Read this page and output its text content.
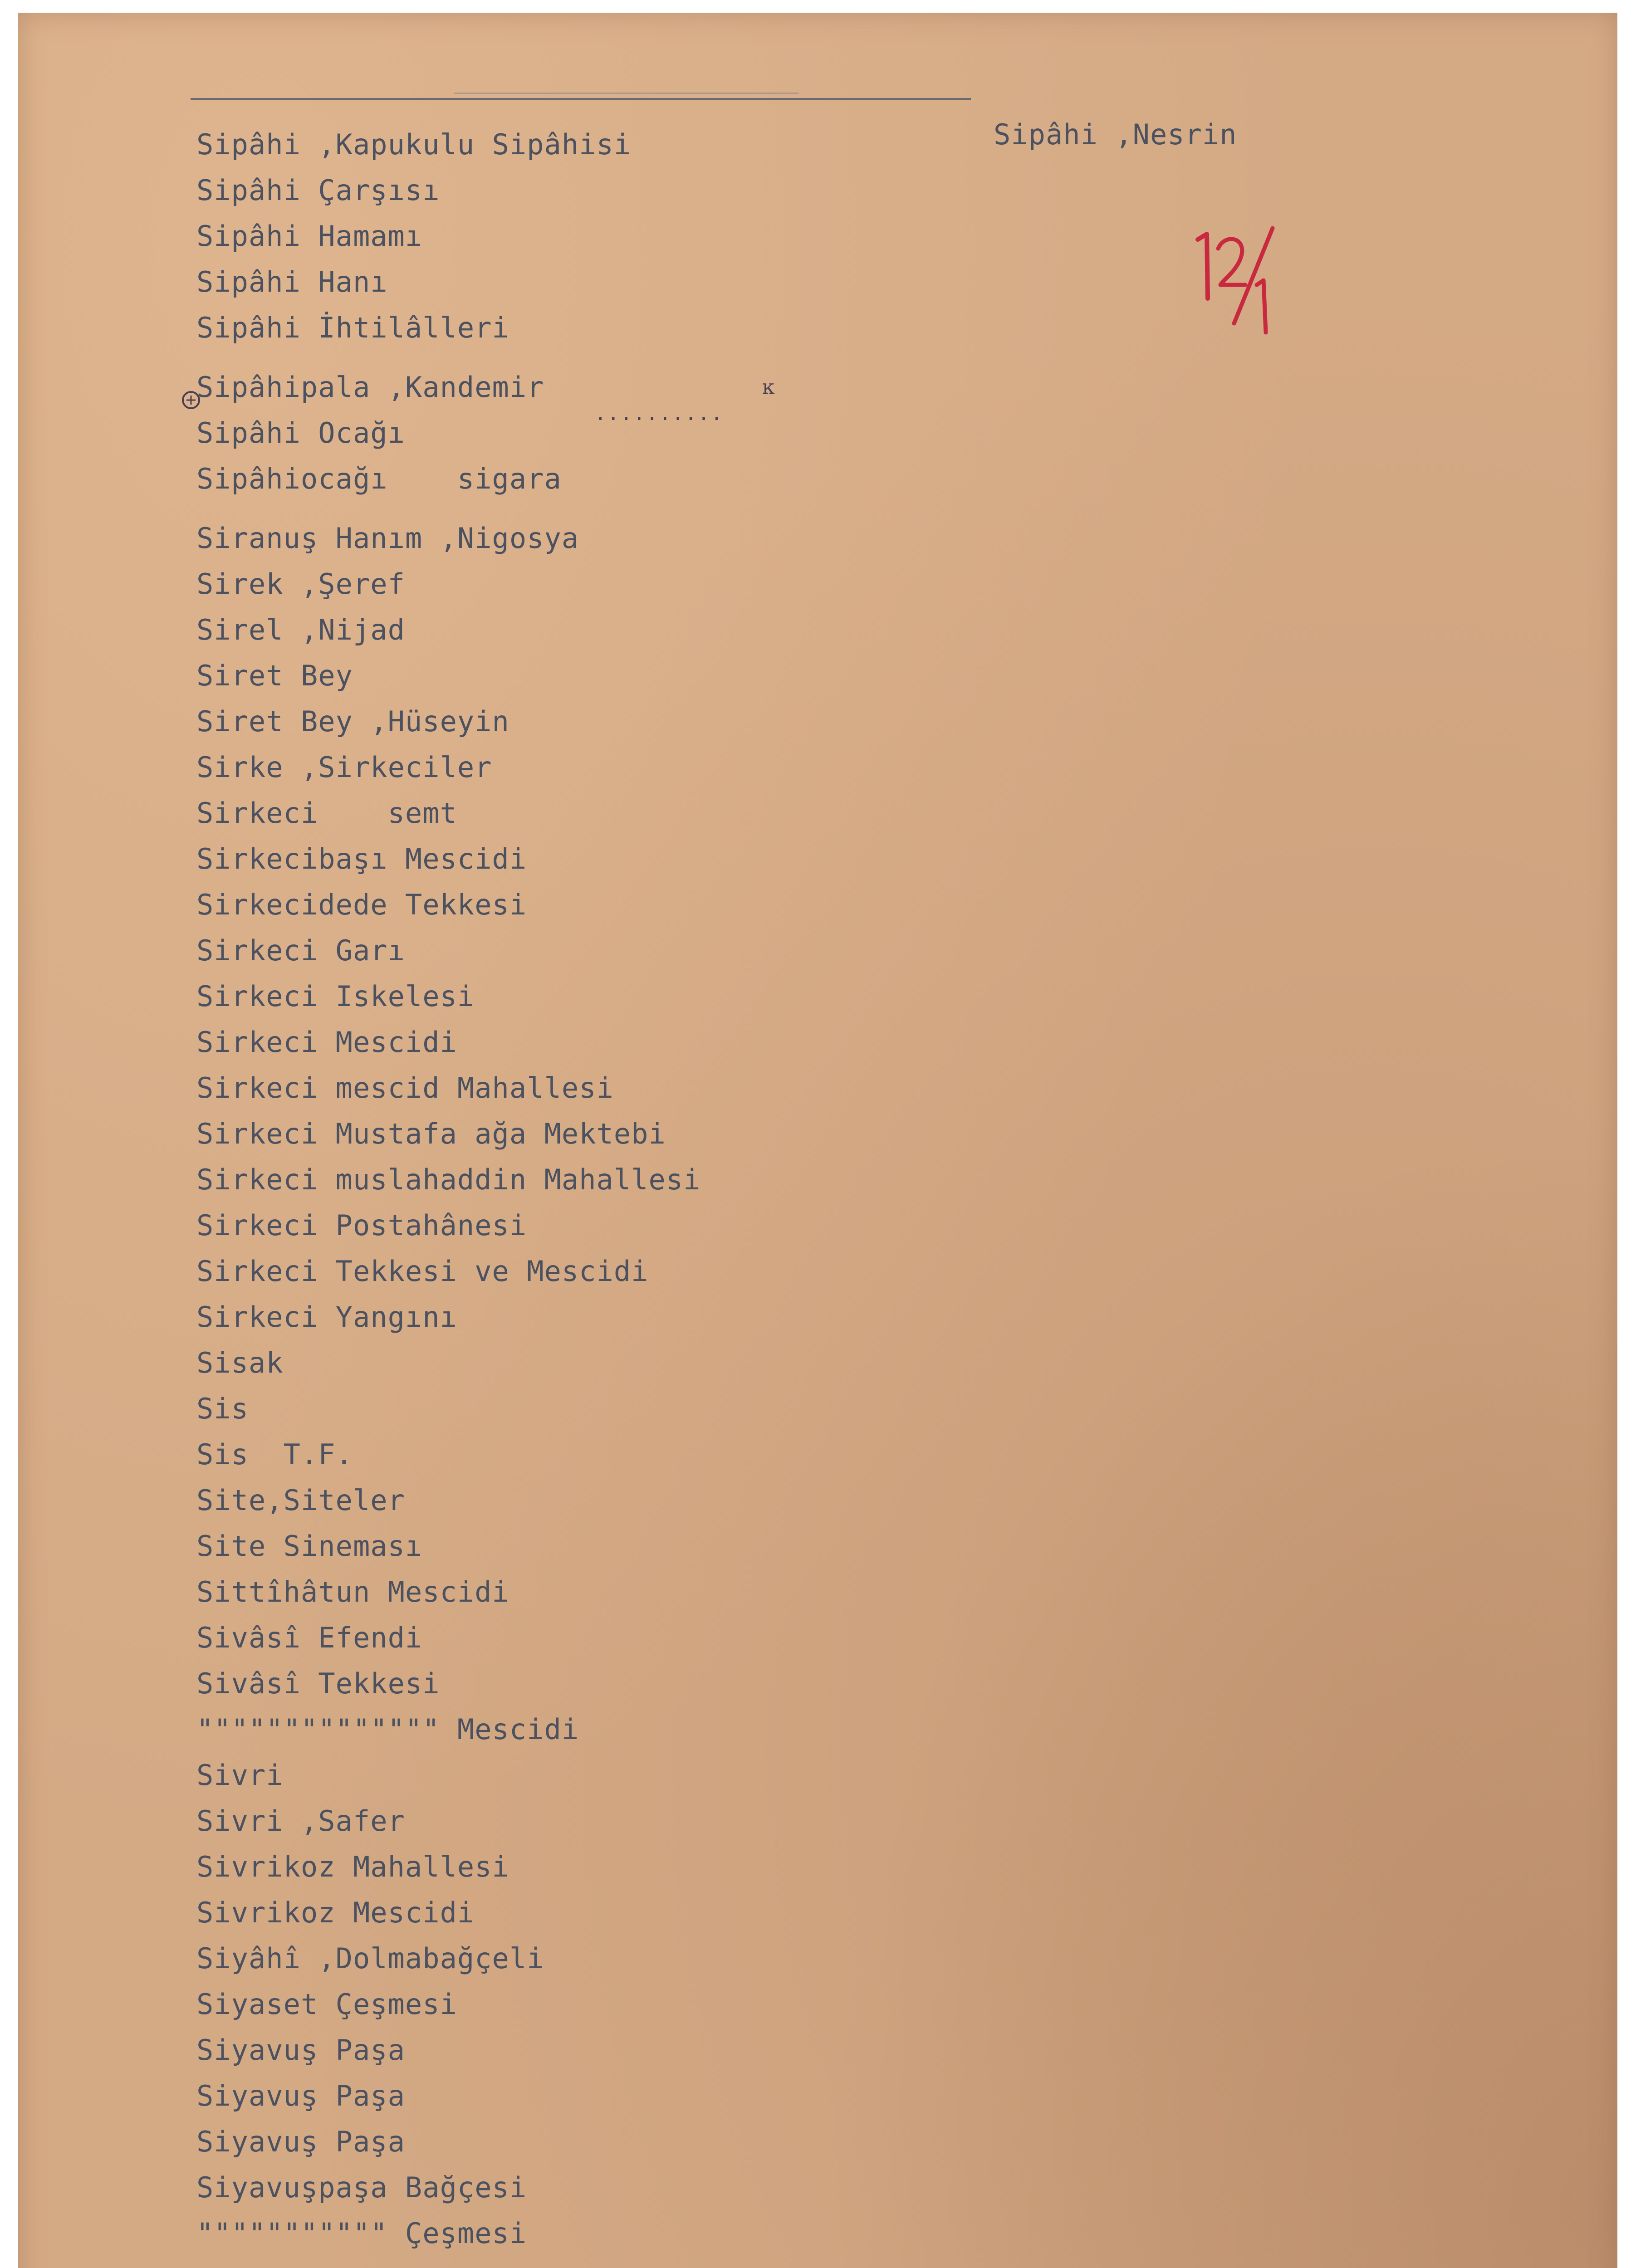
Sipâhi ,Nesrin
Sipâhi ,Kapukulu Sipâhisi
Sipâhi Çarşısı
Sipâhi Hamamı
Sipâhi Hanı
Sipâhi İhtilâlleri
Sipâhipala ,Kandemir
Sipâhi Ocağı
Sipâhiocağı    sigara
Siranuş Hanım ,Nigosya
Sirek ,Şeref
Sirel ,Nijad
Siret Bey
Siret Bey ,Hüseyin
Sirke ,Sirkeciler
Sirkeci    semt
Sirkecibaşı Mescidi
Sirkecidede Tekkesi
Sirkeci Garı
Sirkeci Iskelesi
Sirkeci Mescidi
Sirkeci mescid Mahallesi
Sirkeci Mustafa ağa Mektebi
Sirkeci muslahaddin Mahallesi
Sirkeci Postahânesi
Sirkeci Tekkesi ve Mescidi
Sirkeci Yangını
Sisak
Sis
Sis  T.F.
Site,Siteler
Site Sineması
Sittîhâtun Mescidi
Sivâsî Efendi
Sivâsî Tekkesi
"""""""""""""" Mescidi
Sivri
Sivri ,Safer
Sivrikoz Mahallesi
Sivrikoz Mescidi
Siyâhî ,Dolmabağçeli
Siyaset Çeşmesi
Siyavuş Paşa
Siyavuş Paşa
Siyavuş Paşa
Siyavuşpaşa Bağçesi
""""""""""" Çeşmesi
..........
ĸ
